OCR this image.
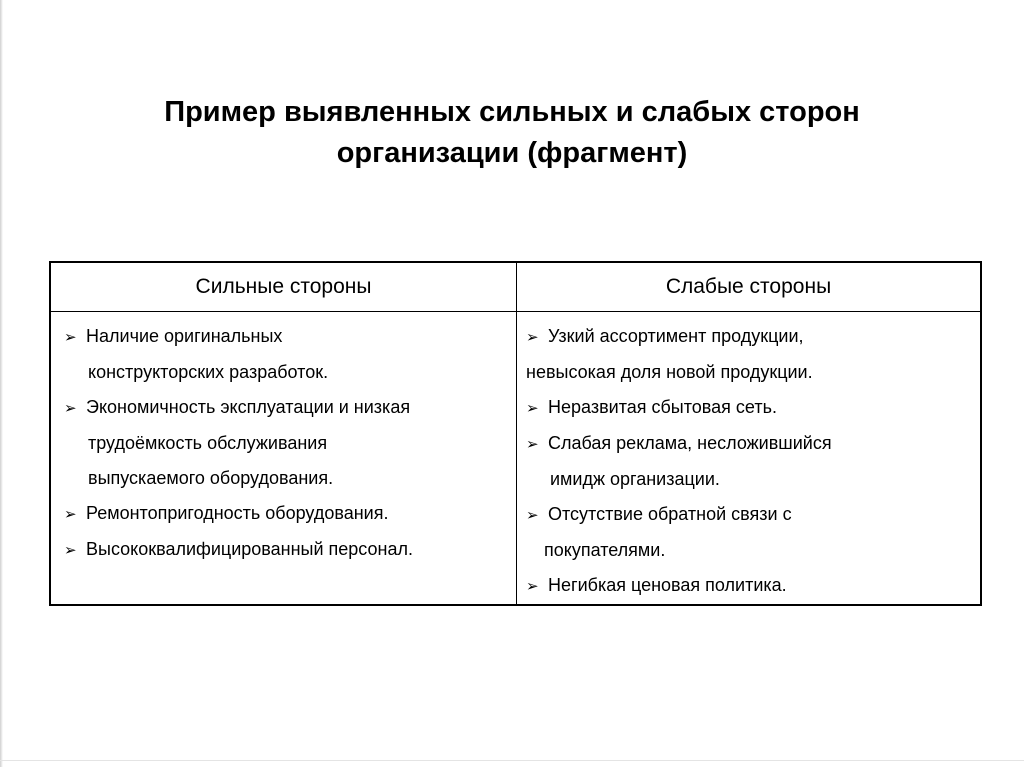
Пример выявленных сильных и слабых сторон
организации (фрагмент)
Сильные стороны	Слабые стороны
➢ Наличие оригинальных
конструкторских разработок.
➢ Экономичность эксплуатации и низкая
трудоёмкость обслуживания
выпускаемого оборудования.
➢ Ремонтопригодность оборудования.
➢ Высококвалифицированный персонал.
➢ Узкий ассортимент продукции,
невысокая доля новой продукции.
➢ Неразвитая сбытовая сеть.
➢ Слабая реклама, несложившийся
имидж организации.
➢ Отсутствие обратной связи с
покупателями.
➢ Негибкая ценовая политика.
